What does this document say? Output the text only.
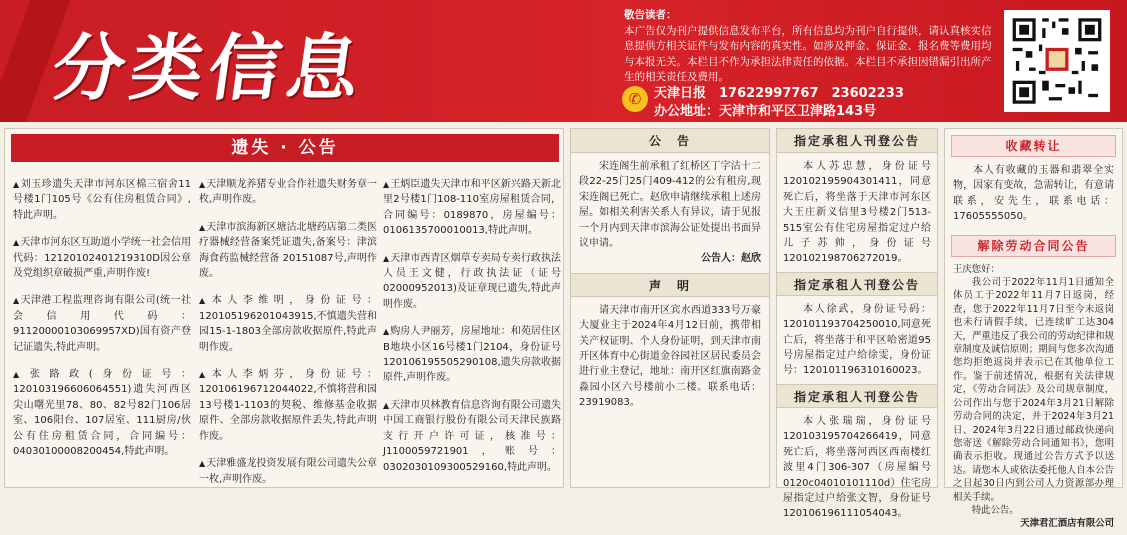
分类信息
敬告读者：
本广告仅为刊户提供信息发布平台，所有信息均为刊户自行提供，请认真核实信息提供方相关证件与发布内容的真实性。如涉及押金、保证金、报名费等费用均与本报无关。本栏目不作为承担法律责任的依据。本栏目不承担因错漏引出所产生的相关责任及费用。
✆ 天津日报　17622997767　23602233
办公地址：天津市和平区卫津路143号
遗失 · 公告
▲ 刘玉珍遗失天津市河东区棉三宿舍11号楼1门105号《公有住房租赁合同》,特此声明。
▲ 天津市河东区互助道小学统一社会信用代码：12120102401219310D因公章及党组织章破损严重,声明作废!
▲ 天津港工程监理咨询有限公司(统一社会信用代码：91120000103069957XD)国有资产登记证遗失,特此声明。
▲ 张路政(身份证号：120103196606064551)遗失河西区尖山曙光里78、80、82号82门106居室、106阳台、107居室、111厨房/伙公有住房租赁合同，合同编号：04030100008200454,特此声明。
▲ 天津顺龙养猪专业合作社遗失财务章一枚,声明作废。
▲ 天津市滨海新区塘沽北塘药店第二类医疗器械经营备案凭证遗失,备案号：津滨海食药监械经营备 20151087号,声明作废。
▲ 本人李维明，身份证号：120105196201043915,不慎遗失营和园15-1-1803全部房款收据原件,特此声明作废。
▲ 本人李炳芬，身份证号：120106196712044022,不慎将营和园13号楼1-1103的契税、维修基金收据原件、全部房款收据原件丢失,特此声明作废。
▲ 天津雅盛龙投资发展有限公司遗失公章一枚,声明作废。
▲ 王炳臣遗失天津市和平区新兴路天新北里2号楼1门108-110室房屋租赁合同，合同编号：0189870，房屋编号：0106135700010013,特此声明。
▲ 天津市西青区烟草专卖局专卖行政执法人员王文健，行政执法证（证号02000952013)及证章现已遗失,特此声明作废。
▲ 购房人尹丽芳，房屋地址：和苑居住区B地块小区16号楼1门2104，身份证号120106195505290108,遗失房款收据原件,声明作废。
▲ 天津市贝林教育信息咨询有限公司遗失中国工商银行股份有限公司天津民族路支行开户许可证，核准号：J1100059721901，账号：0302030109300529160,特此声明。
公　告
宋连阁生前承租了红桥区丁字沽十二段22-25门25门409-412的公有租房,现宋连阁已死亡。赵欣申请继续承租上述房屋。如相关利害关系人有异议，请于见报一个月内到天津市滨海公证处提出书面异议申请。
公告人：赵欣
声　明
请天津市南开区宾水西道333号万豪大厦业主于2024年4月12日前，携带相关产权证明、个人身份证明，到天津市南开区体育中心街道金谷园社区居民委员会进行业主登记，地址：南开区红旗南路金淼园小区六号楼前小二楼。联系电话：23919083。
指定承租人刊登公告
本人苏忠慧，身份证号120102195904301411，同意死亡后，将坐落于天津市河东区大王庄新义信里3号楼2门513-515室公有住宅房屋指定过户给儿子苏帅，身份证号120102198706272019。
指定承租人刊登公告
本人徐武，身份证号码：120101193704250010,同意死亡后，将坐落于和平区哈密道95号房屋指定过户给徐雯，身份证号：120101196310160023。
指定承租人刊登公告
本人张瑞瑞，身份证号120103195704266419，同意死亡后，将坐落河西区西南楼红波里4门306-307（房屋编号0120c04010101110d）住宅房屋指定过户给张文智，身份证号120106196111054043。
收藏转让
本人有收藏的玉器和翡翠全实物，因家有变故，急需转让，有意请联系，安先生，联系电话：17605555050。
解除劳动合同公告
王庆您好：
我公司于2022年11月1日通知全体员工于2022年11月7日返岗，经查，您于2022年11月7日至今未返岗也未行请假手续，已连续旷工达304天，严重违反了我公司的劳动纪律和规章制度及诚信原则；期间与您多次沟通您均拒绝返岗并表示已在其他单位工作。鉴于前述情况，根据有关法律规定，《劳动合同法》及公司规章制度，公司作出与您于2024年3月21日解除劳动合同的决定，并于2024年3月21日、2024年3月22日通过邮政快递向您寄送《解除劳动合同通知书》，您明确表示拒收。现通过公告方式予以送达。请您本人或依法委托他人自本公告之日起30日内到公司人力资源部办理相关手续。
特此公告。
天津君汇酒店有限公司
